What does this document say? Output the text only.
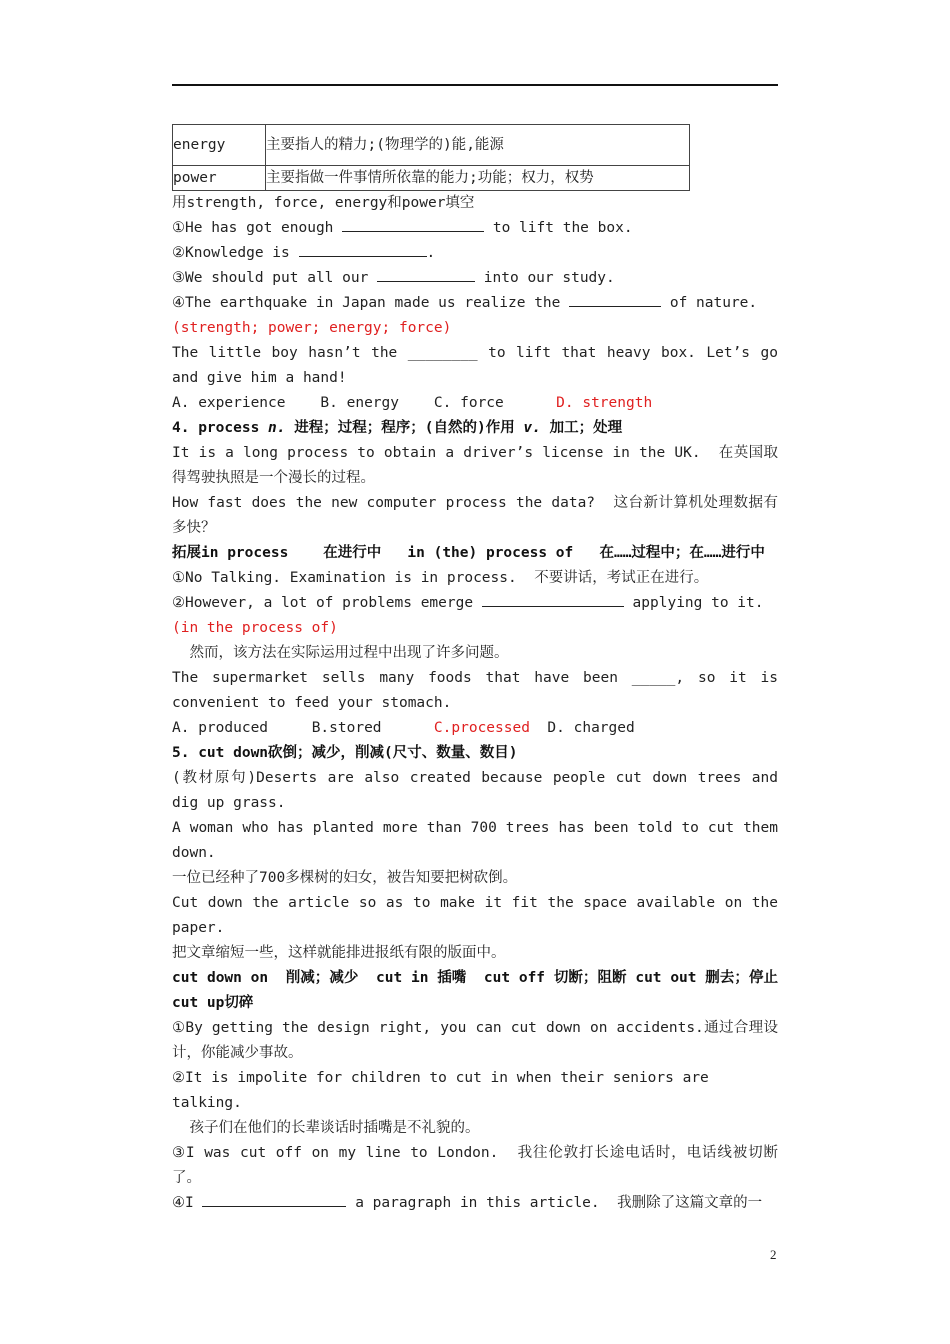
energy	主要指人的精力;(物理学的)能,能源
power	主要指做一件事情所依靠的能力;功能；权力，权势

用strength, force, energy和power填空

①He has got enough	to lift the box.

②Knowledge is	.

③We should put all our	into our study.

④The earthquake in Japan made us realize the	of nature.

(strength; power; energy; force)

The little boy hasn’t the ________ to lift that heavy box. Let’s go and give him a hand!

A. experience B. energy C. force	D. strength

4. process n. 进程；过程；程序；(自然的)作用 v. 加工；处理

It is a long process to obtain a driver’s license in the UK.  在英国取得驾驶执照是一个漫长的过程。

How fast does the new computer process the data?  这台新计算机处理数据有多快？

拓展in process    在进行中   in (the) process of   在……过程中；在……进行中

①No Talking. Examination is in process.  不要讲话，考试正在进行。

②However, a lot of problems emerge	applying to it.

(in the process of)

然而，该方法在实际运用过程中出现了许多问题。

The supermarket sells many foods that have been _____, so it is convenient to feed your stomach.

A. produced	B.stored	C.processed D. charged

5. cut down砍倒；减少，削减(尺寸、数量、数目)

(教材原句)Deserts are also created because people cut down trees and dig up grass.

A woman who has planted more than 700 trees has been told to cut them down.

一位已经种了700多棵树的妇女，被告知要把树砍倒。

Cut down the article so as to make it fit the space available on the paper.

把文章缩短一些，这样就能排进报纸有限的版面中。

cut down on  削减；减少  cut in 插嘴  cut off 切断；阻断 cut out 删去；停止cut up切碎

①By getting the design right, you can cut down on accidents.通过合理设计，你能减少事故。

②It is impolite for children to cut in when their seniors are talking.

孩子们在他们的长辈谈话时插嘴是不礼貌的。

③I was cut off on my line to London.  我往伦敦打长途电话时，电话线被切断了。

④I	a paragraph in this article.  我删除了这篇文章的一

2
